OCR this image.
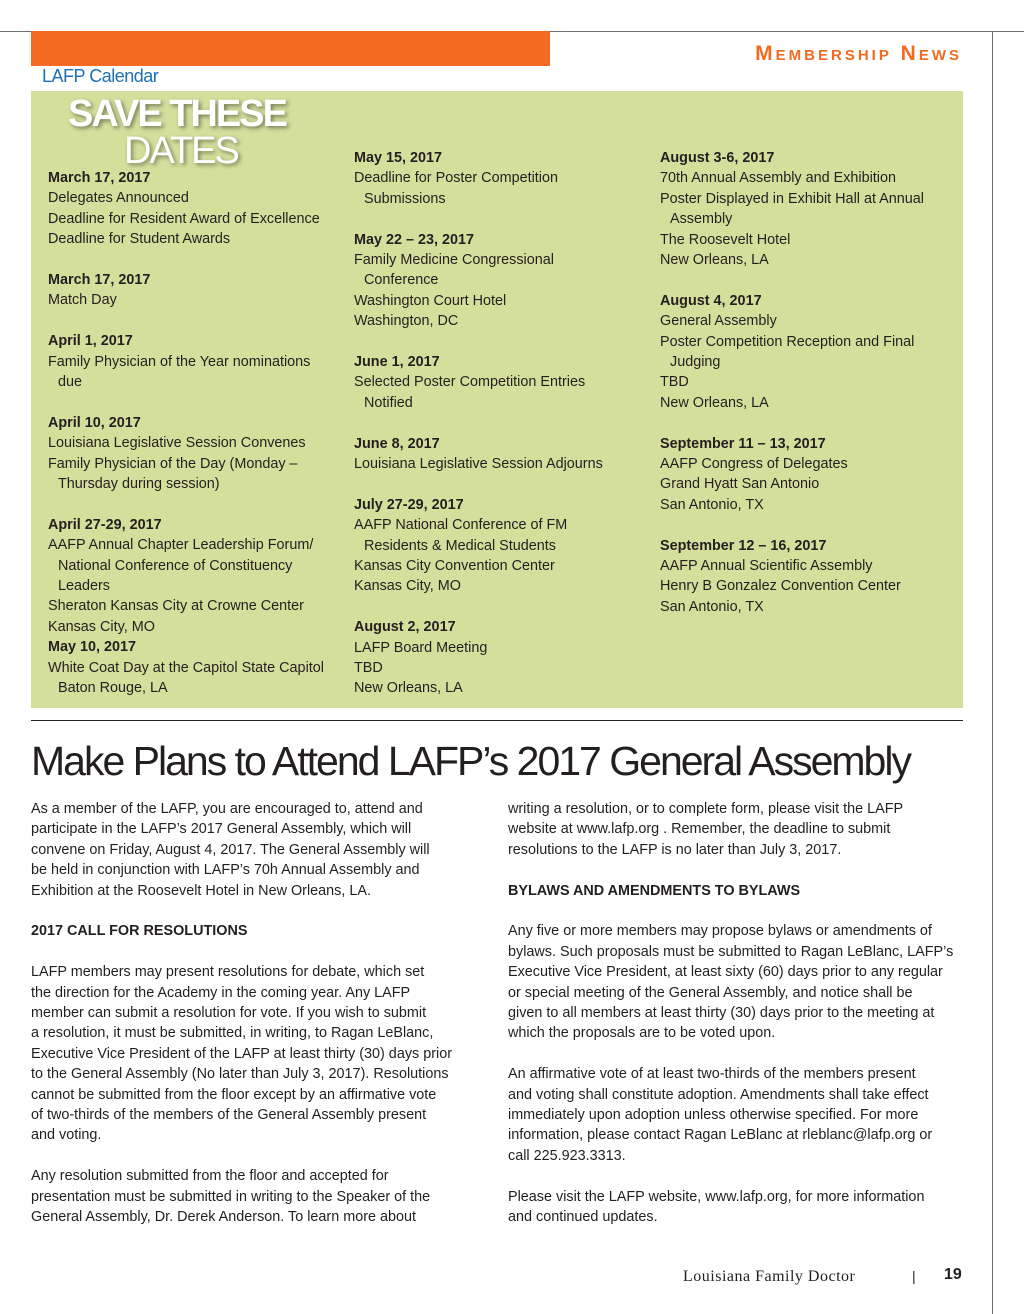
Membership News
LAFP Calendar
SAVE THESE
DATES

March 17, 2017

Delegates Announced

Deadline for Resident Award of Excellence

Deadline for Student Awards

March 17, 2017

Match Day

April 1, 2017

Family Physician of the Year nominations

due

April 10, 2017

Louisiana Legislative Session Convenes

Family Physician of the Day (Monday –

Thursday during session)

April 27-29, 2017

AAFP Annual Chapter Leadership Forum/

National Conference of Constituency

Leaders

Sheraton Kansas City at Crowne Center

Kansas City, MO

May 10, 2017

White Coat Day at the Capitol State Capitol

Baton Rouge, LA

May 15, 2017

Deadline for Poster Competition

Submissions

May 22 – 23, 2017

Family Medicine Congressional

Conference

Washington Court Hotel

Washington, DC

June 1, 2017

Selected Poster Competition Entries

Notified

June 8, 2017

Louisiana Legislative Session Adjourns

July 27-29, 2017

AAFP National Conference of FM

Residents & Medical Students

Kansas City Convention Center

Kansas City, MO

August 2, 2017

LAFP Board Meeting

TBD

New Orleans, LA

August 3-6, 2017

70th Annual Assembly and Exhibition

Poster Displayed in Exhibit Hall at Annual

Assembly

The Roosevelt Hotel

New Orleans, LA

August 4, 2017

General Assembly

Poster Competition Reception and Final

Judging

TBD

New Orleans, LA

September 11 – 13, 2017

AAFP Congress of Delegates

Grand Hyatt San Antonio

San Antonio, TX

September 12 – 16, 2017

AAFP Annual Scientific Assembly

Henry B Gonzalez Convention Center

San Antonio, TX

Make Plans to Attend LAFP’s 2017 General Assembly

As a member of the LAFP, you are encouraged to, attend and

participate in the LAFP’s 2017 General Assembly, which will

convene on Friday, August 4, 2017. The General Assembly will

be held in conjunction with LAFP’s 70h Annual Assembly and

Exhibition at the Roosevelt Hotel in New Orleans, LA.

2017 CALL FOR RESOLUTIONS

LAFP members may present resolutions for debate, which set

the direction for the Academy in the coming year. Any LAFP

member can submit a resolution for vote. If you wish to submit

a resolution, it must be submitted, in writing, to Ragan LeBlanc,

Executive Vice President of the LAFP at least thirty (30) days prior

to the General Assembly (No later than July 3, 2017). Resolutions

cannot be submitted from the floor except by an affirmative vote

of two-thirds of the members of the General Assembly present

and voting.

Any resolution submitted from the floor and accepted for

presentation must be submitted in writing to the Speaker of the

General Assembly, Dr. Derek Anderson. To learn more about

writing a resolution, or to complete form, please visit the LAFP

website at www.lafp.org . Remember, the deadline to submit

resolutions to the LAFP is no later than July 3, 2017.

BYLAWS AND AMENDMENTS TO BYLAWS

Any five or more members may propose bylaws or amendments of

bylaws. Such proposals must be submitted to Ragan LeBlanc, LAFP’s

Executive Vice President, at least sixty (60) days prior to any regular

or special meeting of the General Assembly, and notice shall be

given to all members at least thirty (30) days prior to the meeting at

which the proposals are to be voted upon.

An affirmative vote of at least two-thirds of the members present

and voting shall constitute adoption. Amendments shall take effect

immediately upon adoption unless otherwise specified. For more

information, please contact Ragan LeBlanc at rleblanc@lafp.org or

call 225.923.3313.

Please visit the LAFP website, www.lafp.org, for more information

and continued updates.

Louisiana Family Doctor	| 19
